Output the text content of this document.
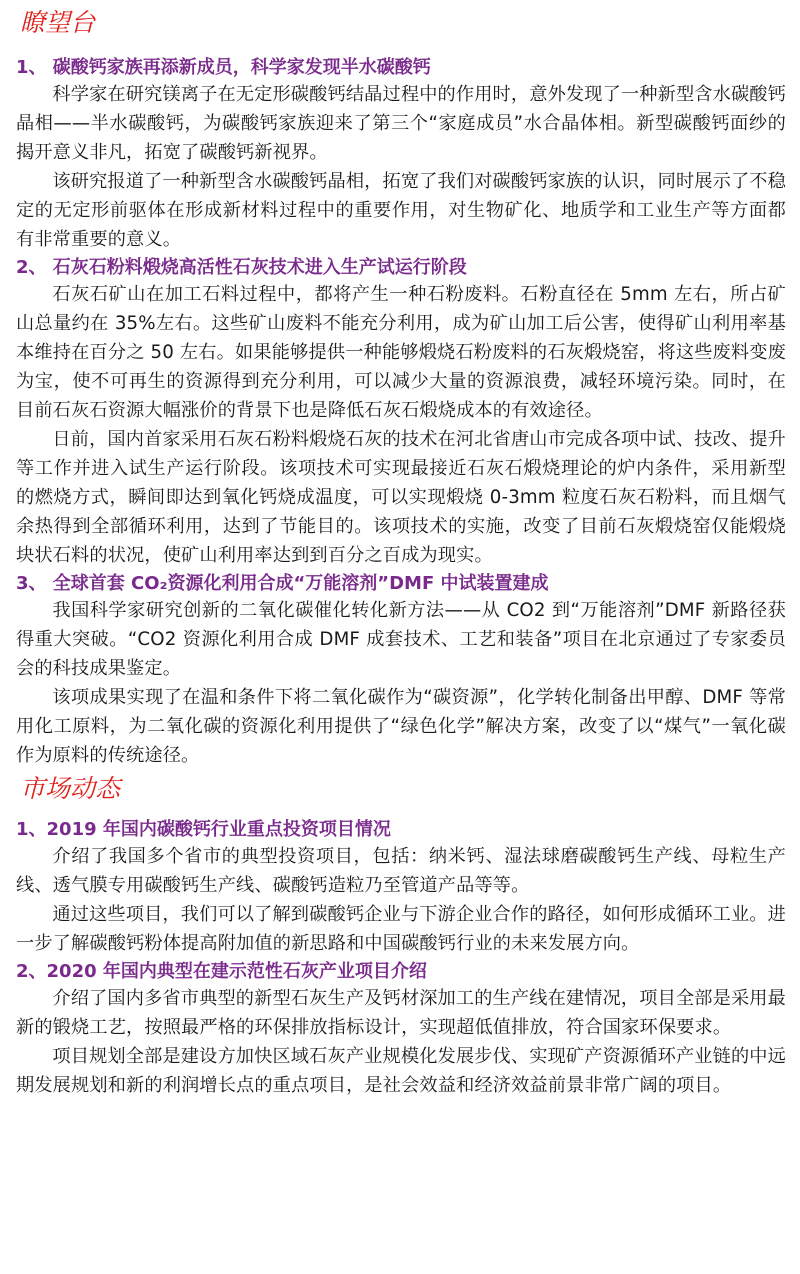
瞭望台
1、 碳酸钙家族再添新成员，科学家发现半水碳酸钙

科学家在研究镁离子在无定形碳酸钙结晶过程中的作用时，意外发现了一种新型含水碳酸钙晶相——半水碳酸钙，为碳酸钙家族迎来了第三个“家庭成员”水合晶体相。新型碳酸钙面纱的揭开意义非凡，拓宽了碳酸钙新视界。

该研究报道了一种新型含水碳酸钙晶相，拓宽了我们对碳酸钙家族的认识，同时展示了不稳定的无定形前驱体在形成新材料过程中的重要作用，对生物矿化、地质学和工业生产等方面都有非常重要的意义。

2、 石灰石粉料煅烧高活性石灰技术进入生产试运行阶段

石灰石矿山在加工石料过程中，都将产生一种石粉废料。石粉直径在 5mm 左右，所占矿山总量约在 35%左右。这些矿山废料不能充分利用，成为矿山加工后公害，使得矿山利用率基本维持在百分之 50 左右。如果能够提供一种能够煅烧石粉废料的石灰煅烧窑，将这些废料变废为宝，使不可再生的资源得到充分利用，可以减少大量的资源浪费，减轻环境污染。同时，在目前石灰石资源大幅涨价的背景下也是降低石灰石煅烧成本的有效途径。

日前，国内首家采用石灰石粉料煅烧石灰的技术在河北省唐山市完成各项中试、技改、提升等工作并进入试生产运行阶段。该项技术可实现最接近石灰石煅烧理论的炉内条件，采用新型的燃烧方式，瞬间即达到氧化钙烧成温度，可以实现煅烧 0-3mm 粒度石灰石粉料，而且烟气余热得到全部循环利用，达到了节能目的。该项技术的实施，改变了目前石灰煅烧窑仅能煅烧块状石料的状况，使矿山利用率达到到百分之百成为现实。

3、 全球首套 CO₂资源化利用合成“万能溶剂”DMF 中试装置建成

我国科学家研究创新的二氧化碳催化转化新方法——从 CO2 到“万能溶剂”DMF 新路径获得重大突破。“CO2 资源化利用合成 DMF 成套技术、工艺和装备”项目在北京通过了专家委员会的科技成果鉴定。

该项成果实现了在温和条件下将二氧化碳作为“碳资源”，化学转化制备出甲醇、DMF 等常用化工原料，为二氧化碳的资源化利用提供了“绿色化学”解决方案，改变了以“煤气”一氧化碳作为原料的传统途径。

市场动态
1、2019 年国内碳酸钙行业重点投资项目情况

介绍了我国多个省市的典型投资项目，包括：纳米钙、湿法球磨碳酸钙生产线、母粒生产线、透气膜专用碳酸钙生产线、碳酸钙造粒乃至管道产品等等。

通过这些项目，我们可以了解到碳酸钙企业与下游企业合作的路径，如何形成循环工业。进一步了解碳酸钙粉体提高附加值的新思路和中国碳酸钙行业的未来发展方向。

2、2020 年国内典型在建示范性石灰产业项目介绍

介绍了国内多省市典型的新型石灰生产及钙材深加工的生产线在建情况，项目全部是采用最新的锻烧工艺，按照最严格的环保排放指标设计，实现超低值排放，符合国家环保要求。

项目规划全部是建设方加快区域石灰产业规模化发展步伐、实现矿产资源循环产业链的中远期发展规划和新的利润增长点的重点项目，是社会效益和经济效益前景非常广阔的项目。
